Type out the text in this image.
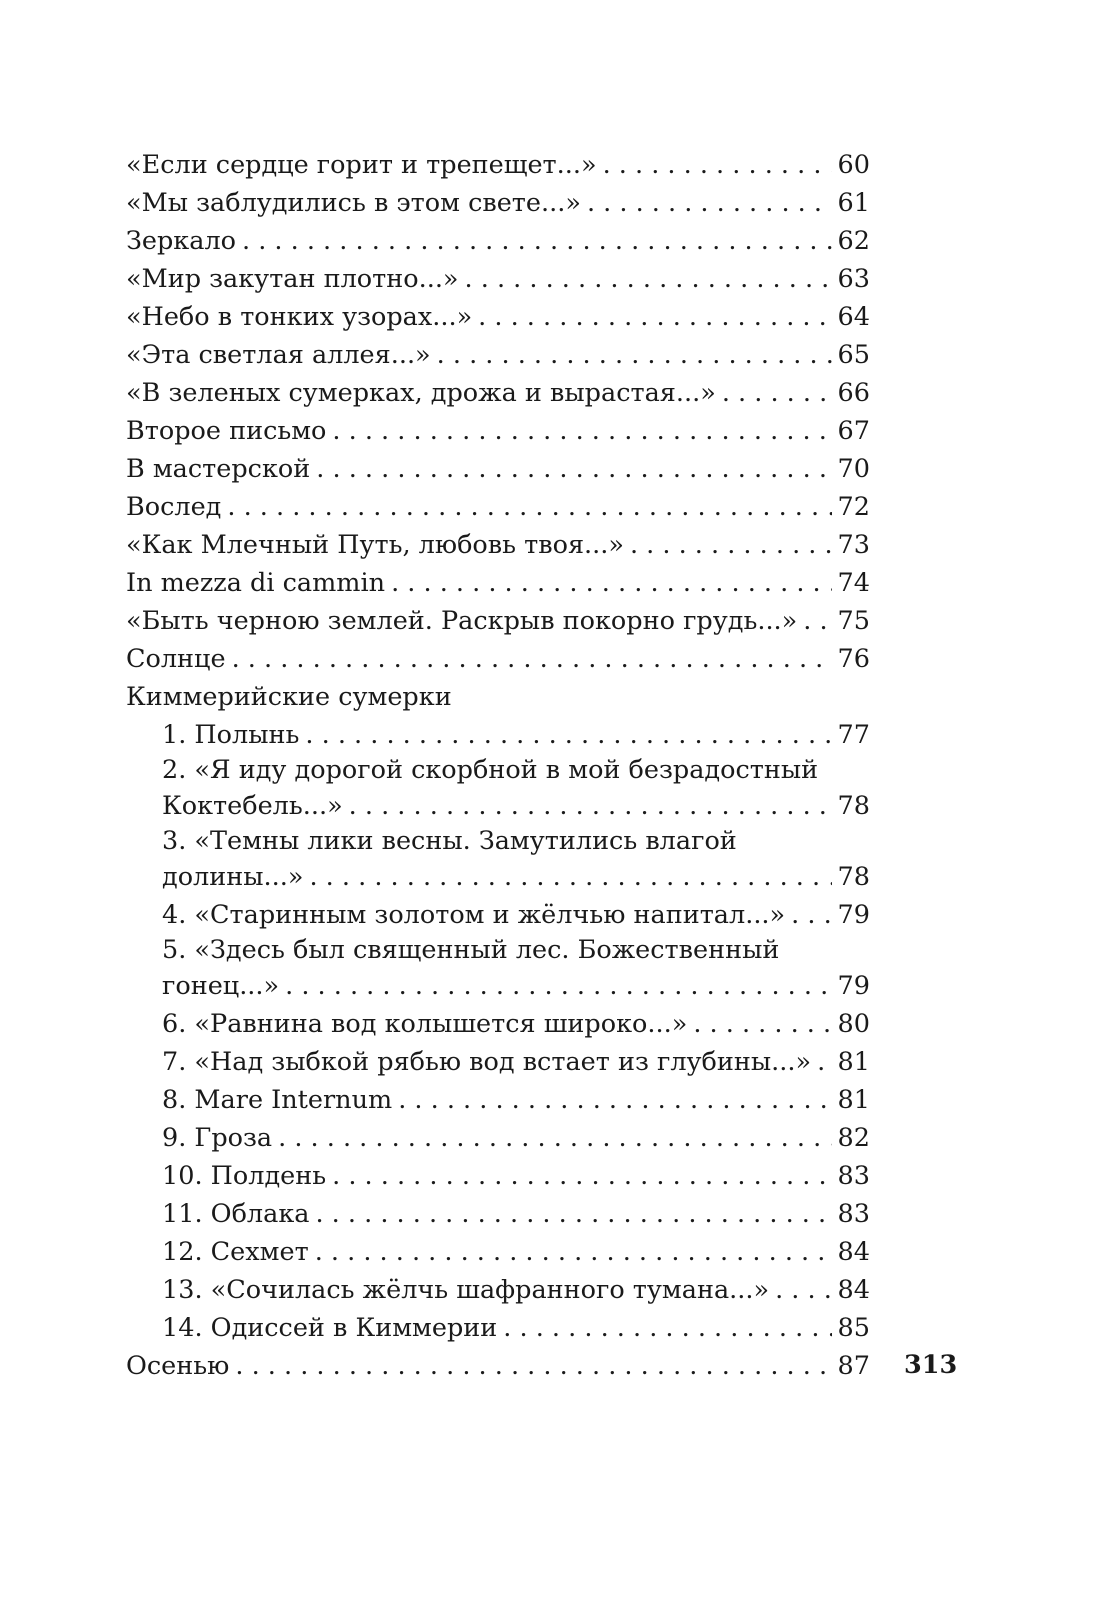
«Если сердце горит и трепещет...» . . .	60
«Мы заблудились в этом свете...» . . .	61
Зеркало . . .	62
«Мир закутан плотно...» . . .	63
«Небо в тонких узорах...» . . .	64
«Эта светлая аллея...» . . .	65
«В зеленых сумерках, дрожа и вырастая...» . . .	66
Второе письмо . . .	67
В мастерской . . .	70
Вослед . . .	72
«Как Млечный Путь, любовь твоя...» . . .	73
In mezza di cammin . . .	74
«Быть черною землей. Раскрыв покорно грудь...» . . . 75
Солнце . . .	76
Киммерийские сумерки
1. Полынь . . .	77
2. «Я иду дорогой скорбной в мой безрадостный
Коктебель...» . . .	78
3. «Темны лики весны. Замутились влагой
долины...» . . .	78
4. «Старинным золотом и жёлчью напитал...» . . . 79
5. «Здесь был священный лес. Божественный
гонец...» . . .	79
6. «Равнина вод колышется широко...» . . .	80
7. «Над зыбкой рябью вод встает из глубины...» . . . 81
8. Mare Internum . . .	81
9. Гроза . . .	82
10. Полдень . . .	83
11. Облака . . .	83
12. Сехмет . . .	84
13. «Сочилась жёлчь шафранного тумана...» . . .	84
14. Одиссей в Киммерии . . .	85
Осенью . . .	87 313
